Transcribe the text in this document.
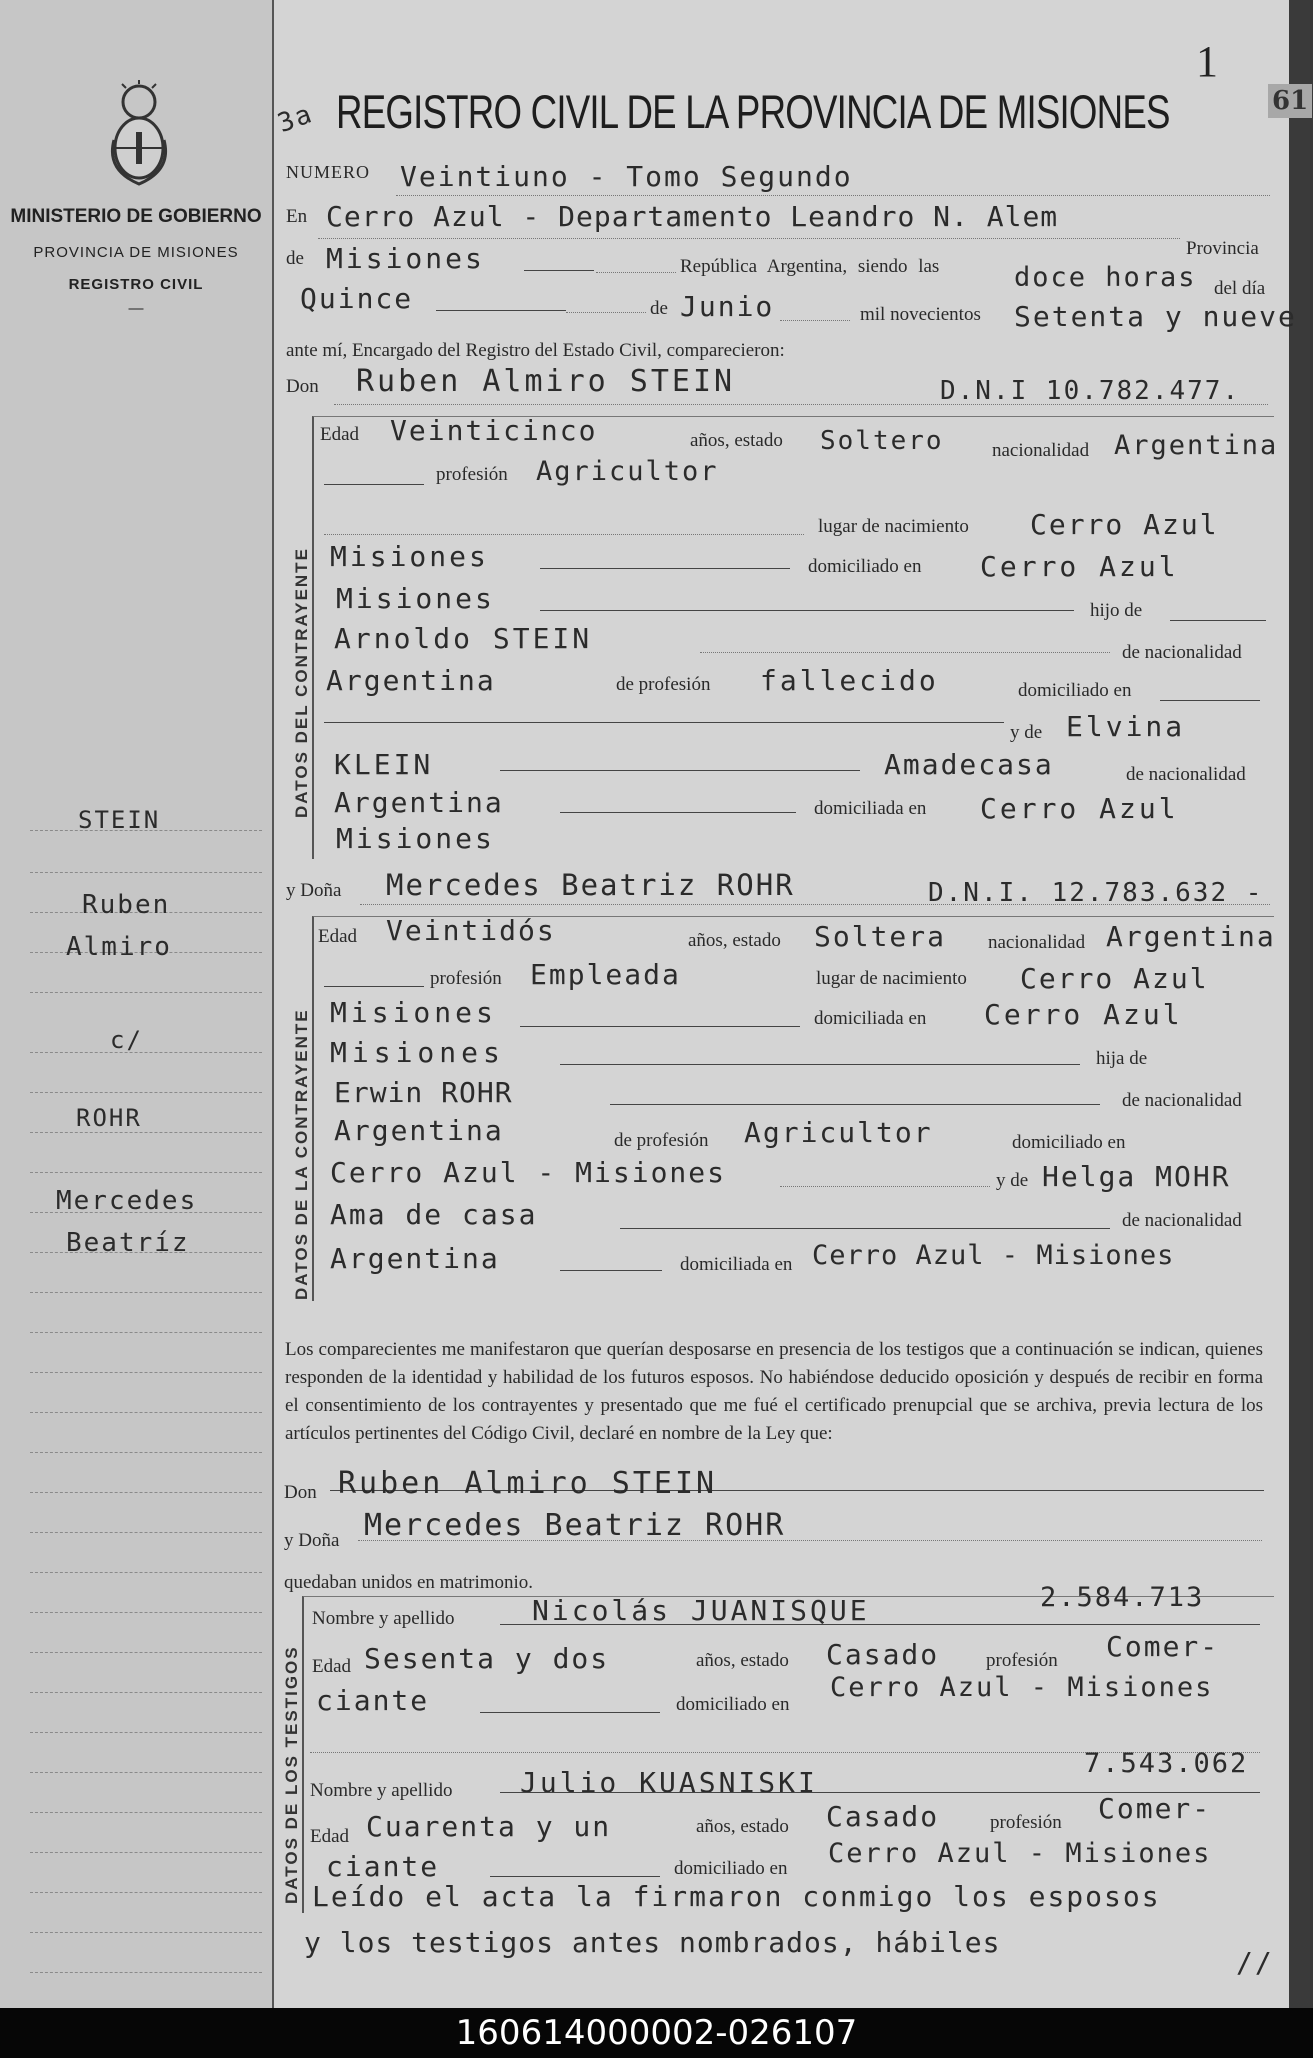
MINISTERIO DE GOBIERNO
PROVINCIA DE MISIONES
REGISTRO CIVIL
—
STEIN
Ruben
Almiro
c/
ROHR
Mercedes
Beatríz
1
61
3a REGISTRO CIVIL DE LA PROVINCIA DE MISIONES
NUMERO Veintiuno - Tomo Segundo
En Cerro Azul - Departamento Leandro N. Alem
Provincia
de Misiones	República Argentina, siendo las	doce horas del día
Quince	de Junio	mil novecientos Setenta y nueve
ante mí, Encargado del Registro del Estado Civil, comparecieron:
Don Ruben Almiro STEIN	D.N.I 10.782.477.
DATOS DEL CONTRAYENTE
Edad Veinticinco	años, estado Soltero	nacionalidad Argentina
profesión Agricultor
lugar de nacimiento Cerro Azul
Misiones	domiciliado en Cerro Azul
Misiones	hijo de
Arnoldo STEIN	de nacionalidad
Argentina	de profesión fallecido	domiciliado en
y de Elvina
KLEIN	Amadecasa	de nacionalidad
Argentina	domiciliada en Cerro Azul
Misiones
y Doña Mercedes Beatriz ROHR	D.N.I. 12.783.632 -
DATOS DE LA CONTRAYENTE
Edad Veintidós	años, estado Soltera nacionalidad Argentina
profesión Empleada	lugar de nacimiento Cerro Azul
Misiones	domiciliada en Cerro Azul
Misiones	hija de
Erwin ROHR	de nacionalidad
Argentina	de profesión Agricultor	domiciliado en
Cerro Azul - Misiones	y de Helga MOHR
Ama de casa	de nacionalidad
Argentina	domiciliada en Cerro Azul - Misiones
Los comparecientes me manifestaron que querían desposarse en presencia de los testigos que a continuación se indican, quienes responden de la identidad y habilidad de los futuros esposos. No habiéndose deducido oposición y después de recibir en forma el consentimiento de los contrayentes y presentado que me fué el certificado prenupcial que se archiva, previa lectura de los artículos pertinentes del Código Civil, declaré en nombre de la Ley que:
Don Ruben Almiro STEIN
y Doña Mercedes Beatriz ROHR
quedaban unidos en matrimonio.
DATOS DE LOS TESTIGOS
Nombre y apellido	Nicolás JUANISQUE	2.584.713
Edad Sesenta y dos	años, estado Casado profesión Comer-
ciante	domiciliado en
Cerro Azul - Misiones
Nombre y apellido Julio KUASNISKI
7.543.062
Edad Cuarenta y un	años, estado Casado	profesión Comer-
ciante	domiciliado en Cerro Azul - Misiones
Leído el acta la firmaron conmigo los esposos
y los testigos antes nombrados, hábiles
//
160614000002-026107
